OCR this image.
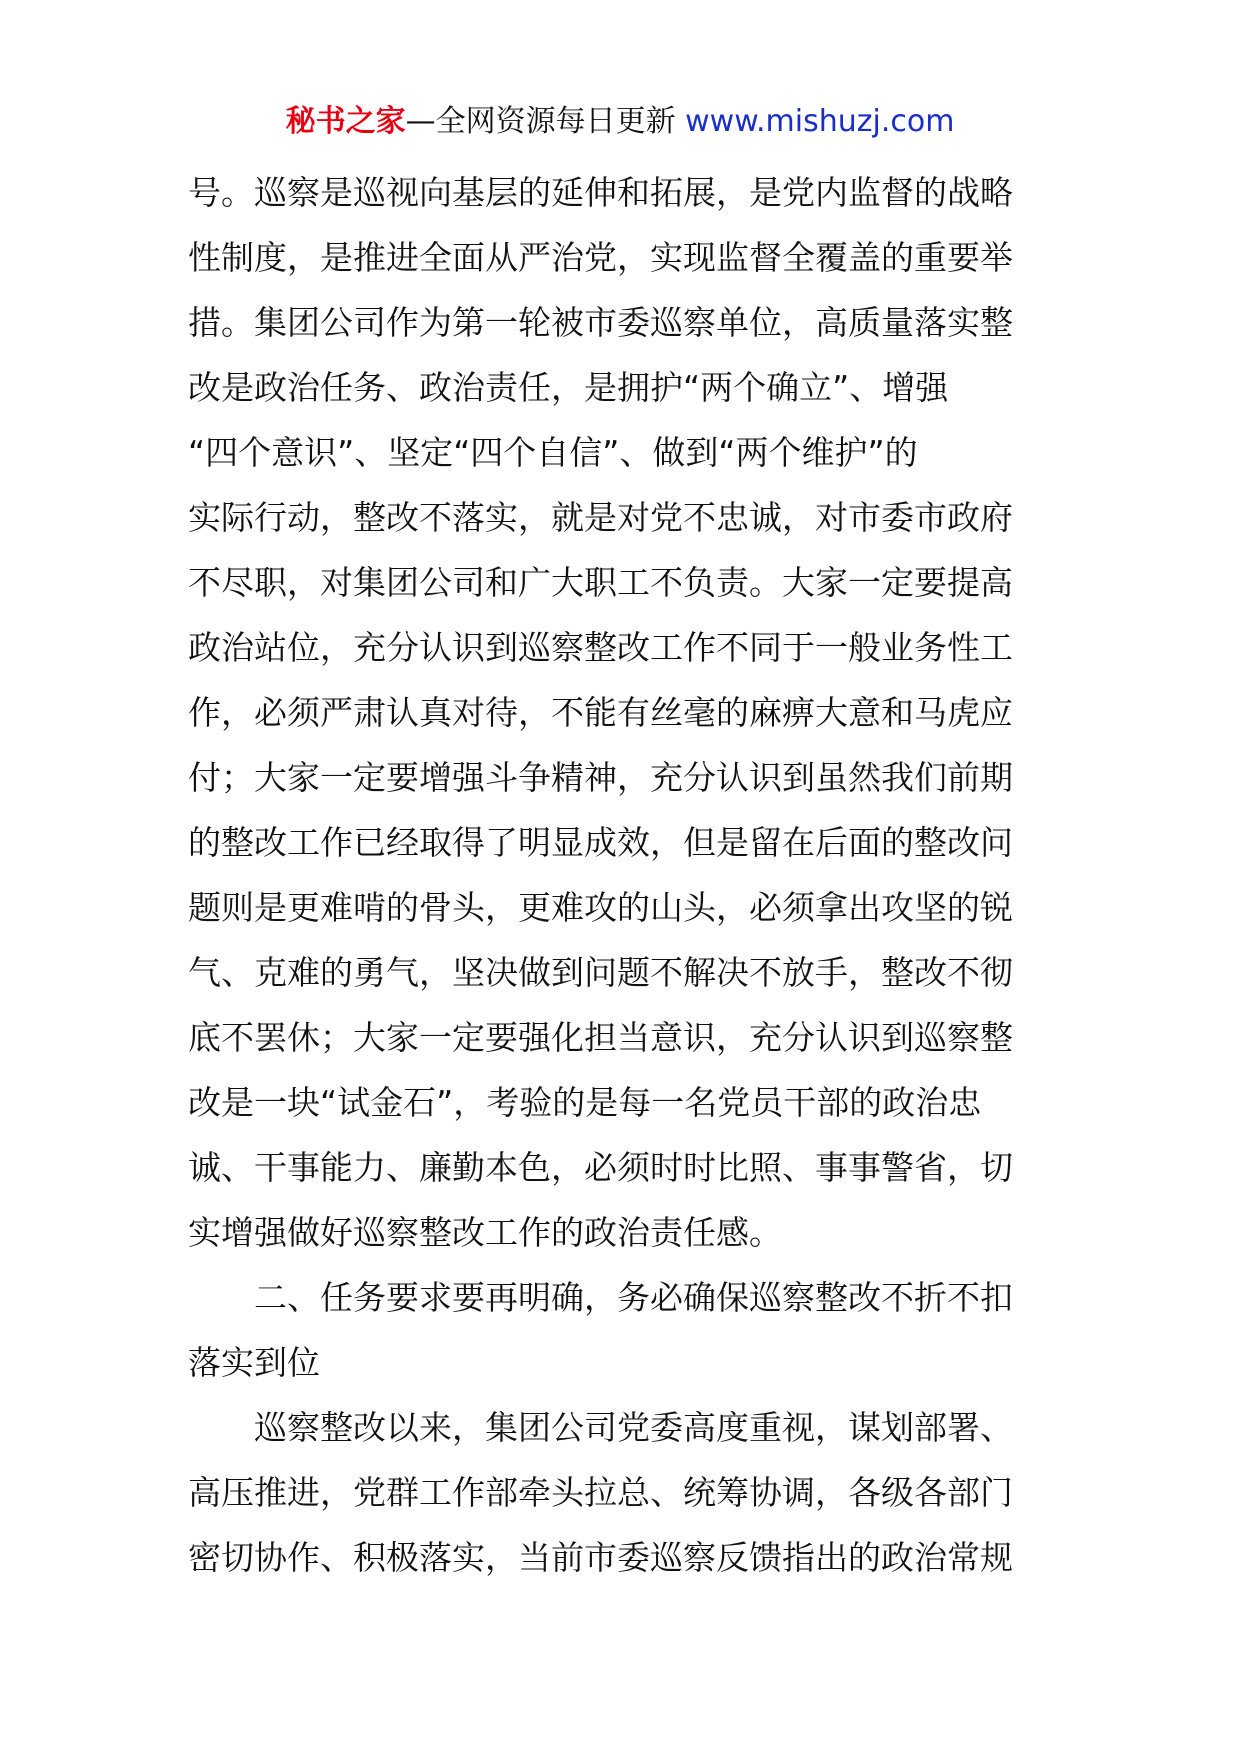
秘书之家—全网资源每日更新 www.mishuzj.com
号。巡察是巡视向基层的延伸和拓展，是党内监督的战略
性制度，是推进全面从严治党，实现监督全覆盖的重要举
措。集团公司作为第一轮被市委巡察单位，高质量落实整
改是政治任务、政治责任，是拥护“两个确立”、增强
“四个意识”、坚定“四个自信”、做到“两个维护”的
实际行动，整改不落实，就是对党不忠诚，对市委市政府
不尽职，对集团公司和广大职工不负责。大家一定要提高
政治站位，充分认识到巡察整改工作不同于一般业务性工
作，必须严肃认真对待，不能有丝毫的麻痹大意和马虎应
付；大家一定要增强斗争精神，充分认识到虽然我们前期
的整改工作已经取得了明显成效，但是留在后面的整改问
题则是更难啃的骨头，更难攻的山头，必须拿出攻坚的锐
气、克难的勇气，坚决做到问题不解决不放手，整改不彻
底不罢休；大家一定要强化担当意识，充分认识到巡察整
改是一块“试金石”，考验的是每一名党员干部的政治忠
诚、干事能力、廉勤本色，必须时时比照、事事警省，切
实增强做好巡察整改工作的政治责任感。
二、任务要求要再明确，务必确保巡察整改不折不扣
落实到位
巡察整改以来，集团公司党委高度重视，谋划部署、
高压推进，党群工作部牵头拉总、统筹协调，各级各部门
密切协作、积极落实，当前市委巡察反馈指出的政治常规
